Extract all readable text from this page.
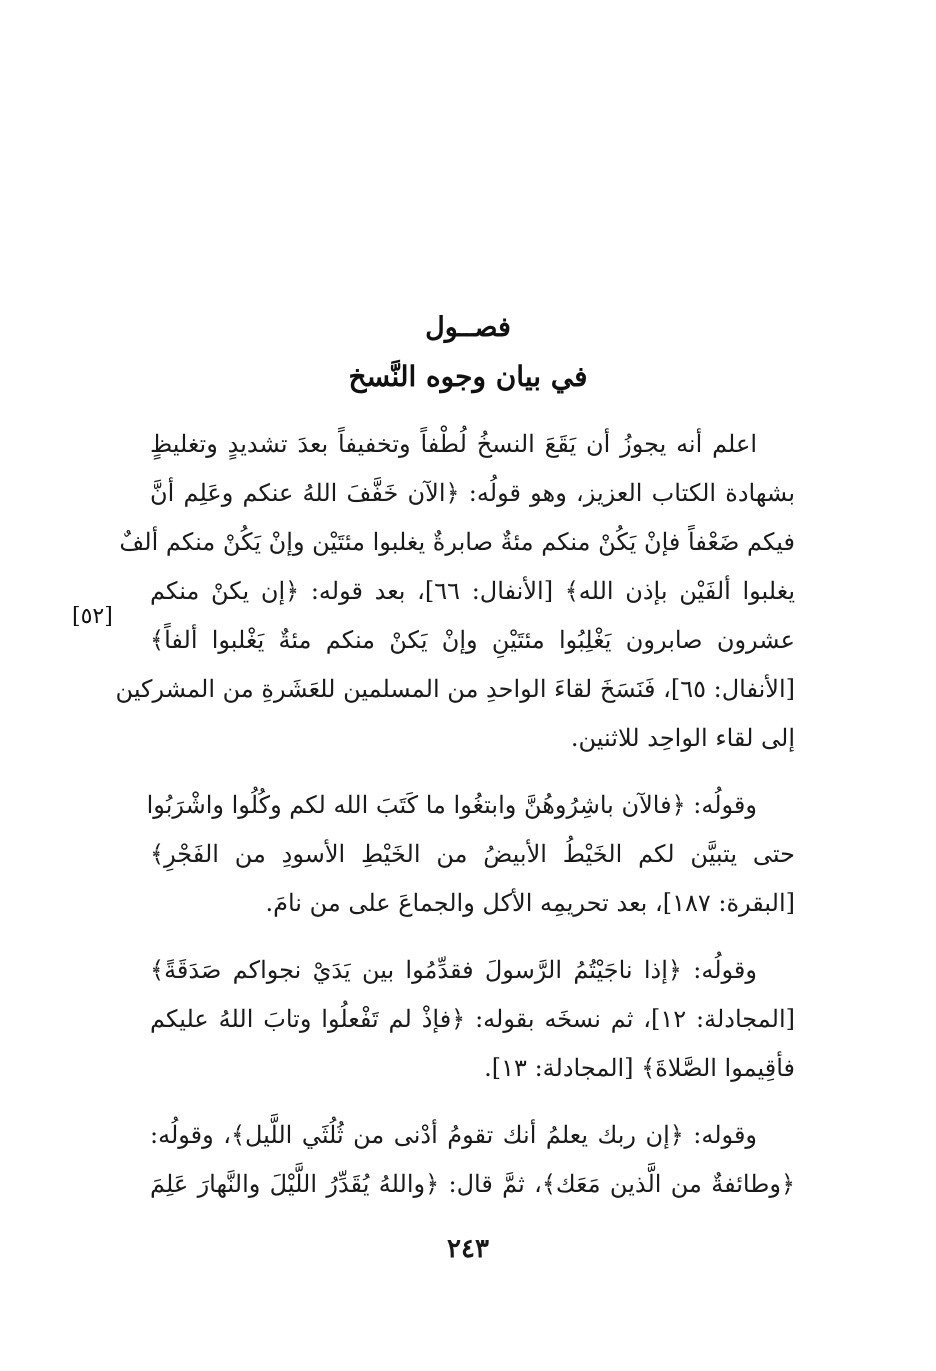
فصــول
في بيان وجوه النَّسخ

اعلم أنه يجوزُ أن يَقَعَ النسخُ لُطْفاً وتخفيفاً بعدَ تشديدٍ وتغليظٍ
بشهادة الكتاب العزيز، وهو قولُه: ﴿الآن خَفَّفَ اللهُ عنكم وعَلِم أنَّ
فيكم ضَعْفاً فإنْ يَكُنْ منكم مئةٌ صابرةٌ يغلبوا مئتَيْن وإنْ يَكُنْ منكم ألفٌ
يغلبوا ألفَيْن بإذن الله﴾ [الأنفال: ٦٦]، بعد قوله: ﴿إن يكنْ منكم
عشرون صابرون يَغْلِبُوا مئتَيْنِ وإنْ يَكنْ منكم مئةٌ يَغْلبوا ألفاً﴾
[الأنفال: ٦٥]، فَنَسَخَ لقاءَ الواحدِ من المسلمين للعَشَرةِ من المشركين
إلى لقاء الواحِد للاثنين.

وقولُه: ﴿فالآن باشِرُوهُنَّ وابتغُوا ما كَتَبَ الله لكم وكُلُوا واشْرَبُوا
حتى يتبيَّن لكم الخَيْطُ الأبيضُ من الخَيْطِ الأسودِ من الفَجْرِ﴾
[البقرة: ١٨٧]، بعد تحريمِه الأكل والجماعَ على من نامَ.

وقولُه: ﴿إذا ناجَيْتُمُ الرَّسولَ فقدِّمُوا بين يَدَيْ نجواكم صَدَقَةً﴾
[المجادلة: ١٢]، ثم نسخَه بقوله: ﴿فإذْ لم تَفْعلُوا وتابَ اللهُ عليكم
فأقِيموا الصَّلاةَ﴾ [المجادلة: ١٣].

وقوله: ﴿إن ربك يعلمُ أنك تقومُ أدْنى من ثُلُثَي اللَّيل﴾، وقولُه:
﴿وطائفةٌ من الَّذين مَعَك﴾، ثمَّ قال: ﴿واللهُ يُقَدِّرُ اللَّيْلَ والنَّهارَ عَلِمَ

[٥٢]
٢٤٣
